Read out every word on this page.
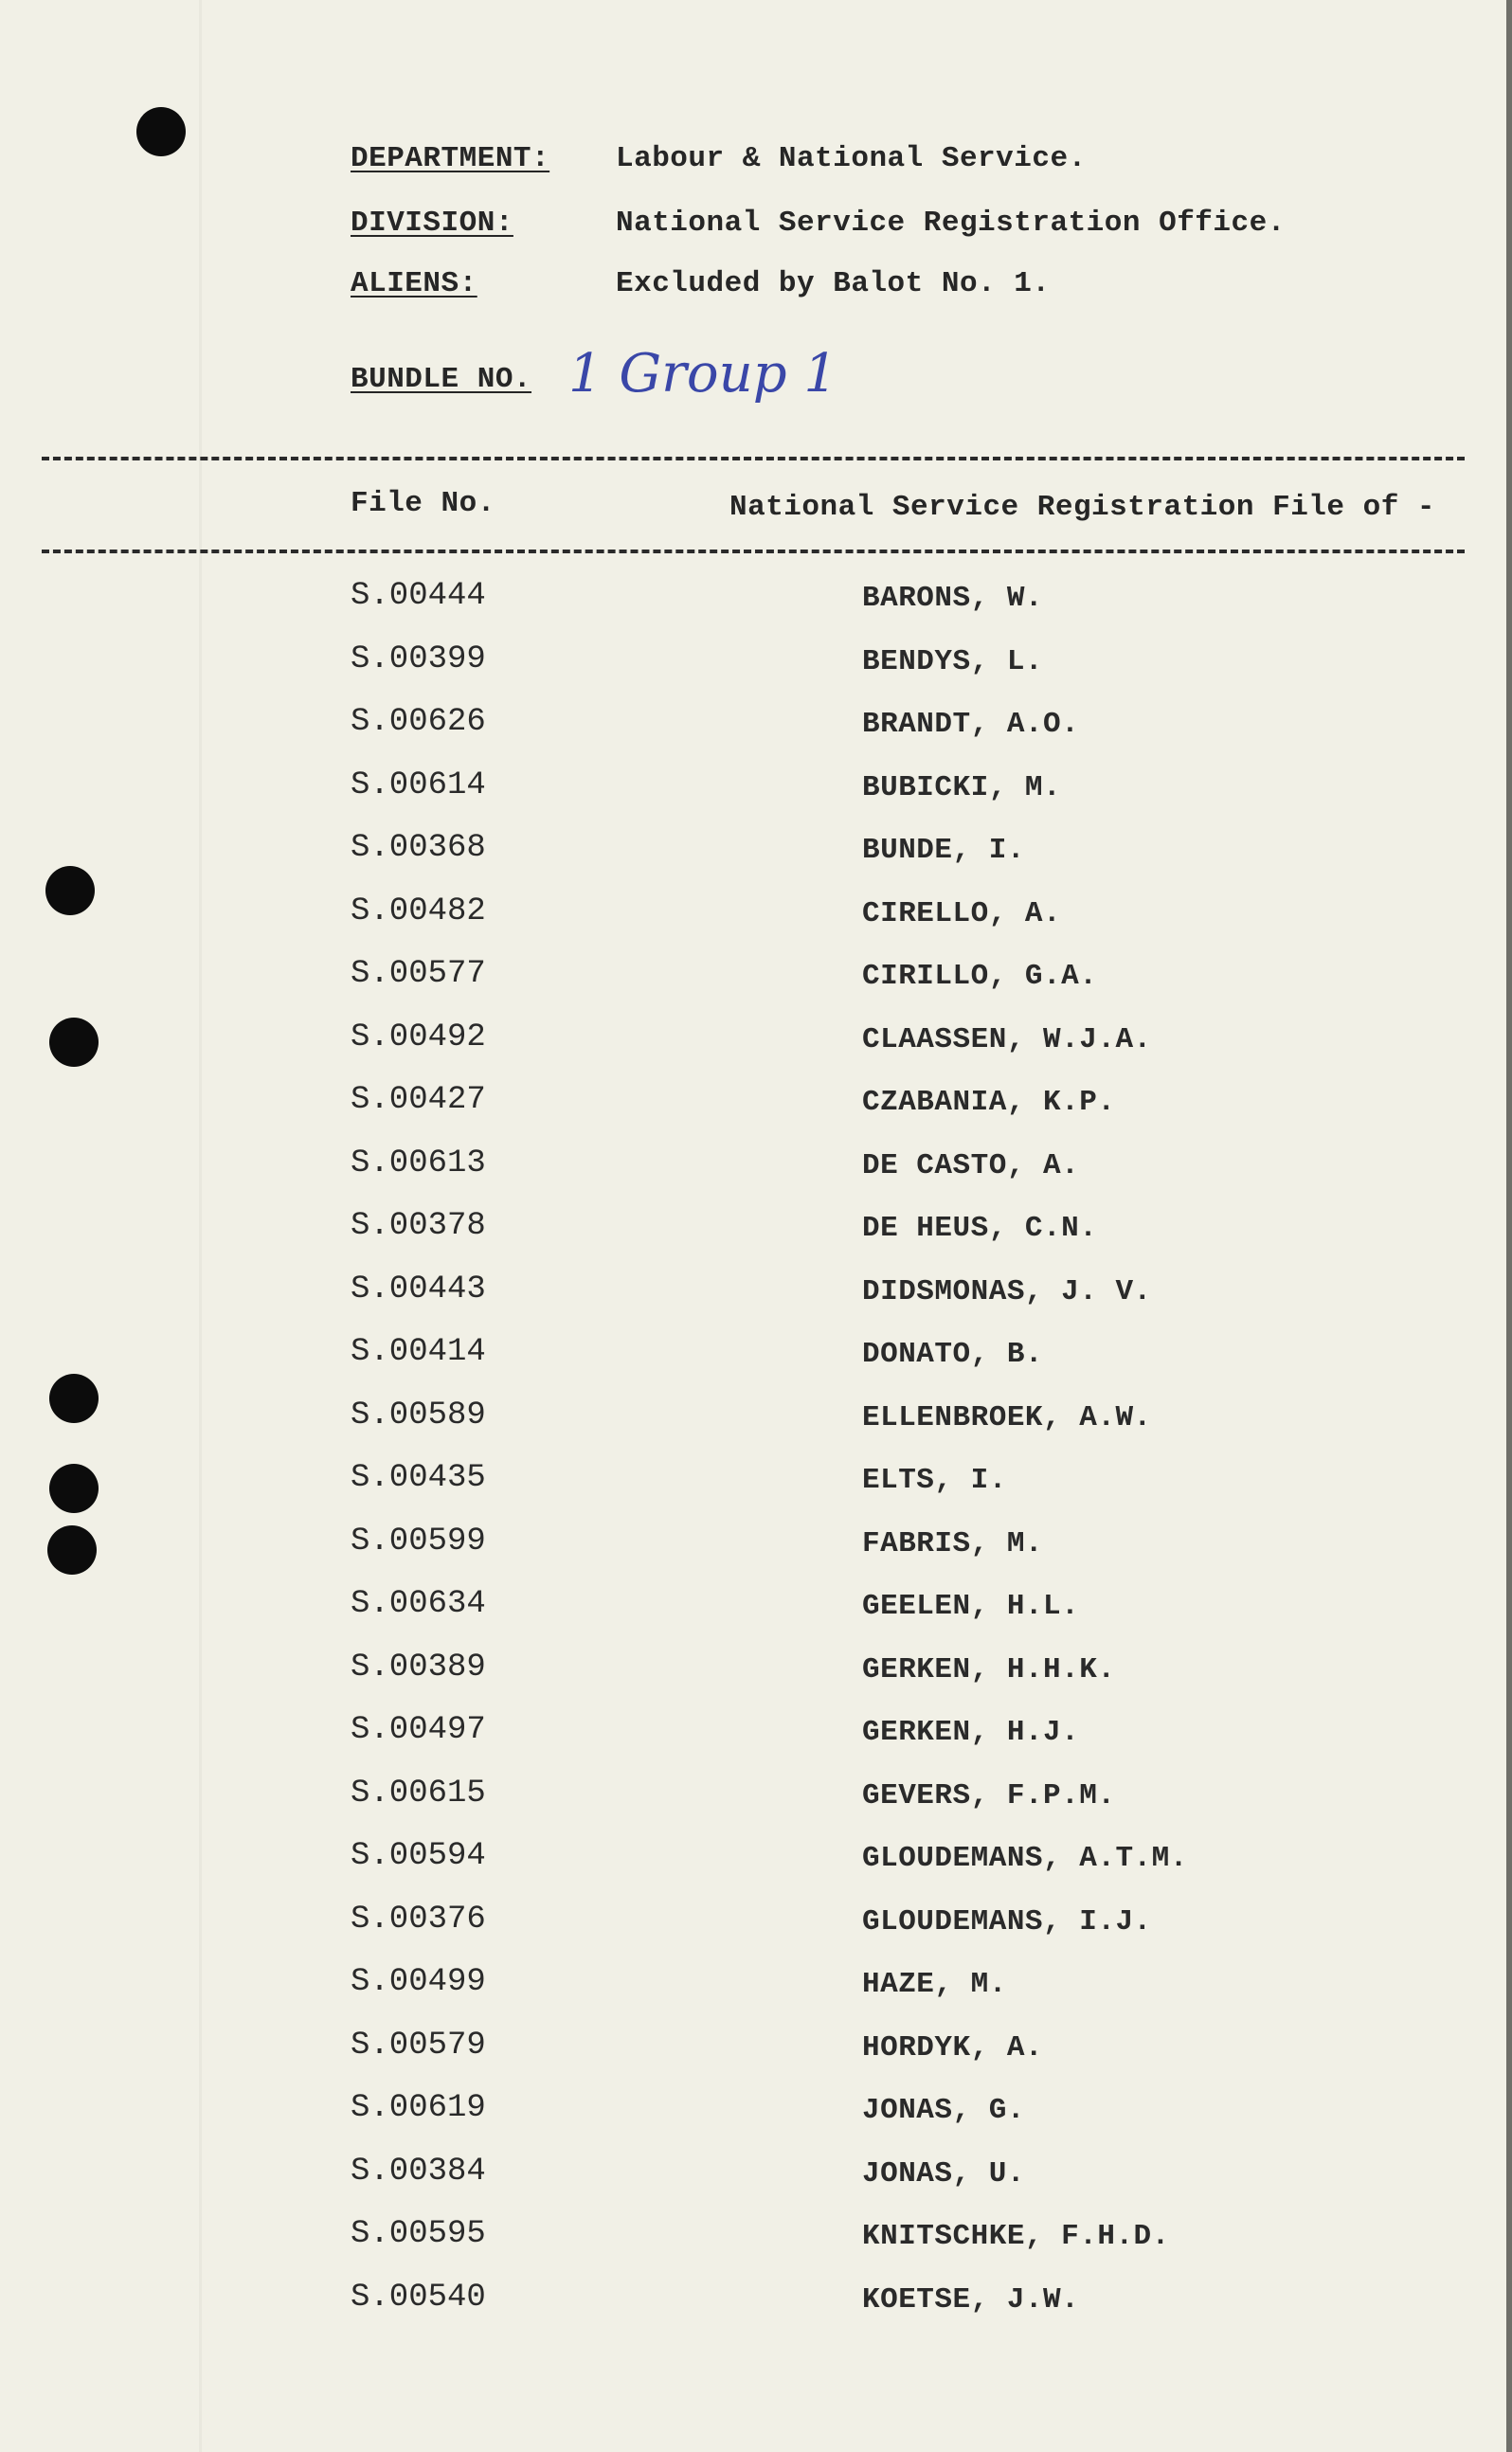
DEPARTMENT: Labour & National Service.
DIVISION:	National Service Registration Office.
ALIENS:	Excluded by Balot No. 1.
BUNDLE NO. 1 Group 1
File No.	National Service Registration File of -
S.00444	BARONS, W.
S.00399	BENDYS, L.
S.00626	BRANDT, A.O.
S.00614	BUBICKI, M.
S.00368	BUNDE, I.
S.00482	CIRELLO, A.
S.00577	CIRILLO, G.A.
S.00492	CLAASSEN, W.J.A.
S.00427	CZABANIA, K.P.
S.00613	DE CASTO, A.
S.00378	DE HEUS, C.N.
S.00443	DIDSMONAS, J. V.
S.00414	DONATO, B.
S.00589	ELLENBROEK, A.W.
S.00435	ELTS, I.
S.00599	FABRIS, M.
S.00634	GEELEN, H.L.
S.00389	GERKEN, H.H.K.
S.00497	GERKEN, H.J.
S.00615	GEVERS, F.P.M.
S.00594	GLOUDEMANS, A.T.M.
S.00376	GLOUDEMANS, I.J.
S.00499	HAZE, M.
S.00579	HORDYK, A.
S.00619	JONAS, G.
S.00384	JONAS, U.
S.00595	KNITSCHKE, F.H.D.
S.00540	KOETSE, J.W.
